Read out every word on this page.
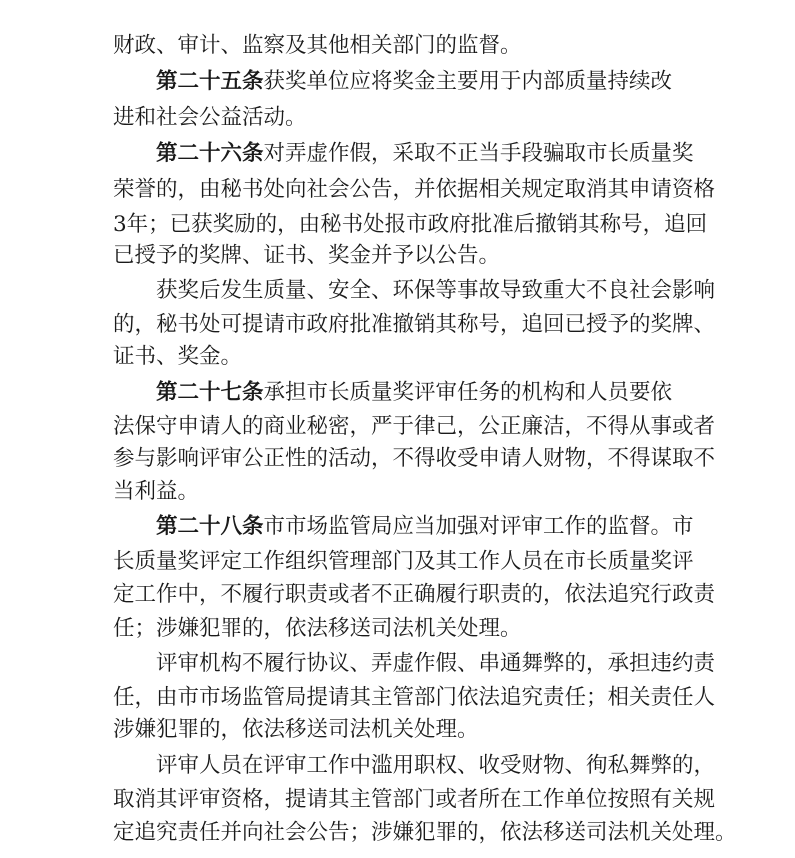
财政、审计、监察及其他相关部门的监督。
第二十五条获奖单位应将奖金主要用于内部质量持续改
进和社会公益活动。
第二十六条对弄虚作假，采取不正当手段骗取市长质量奖
荣誉的，由秘书处向社会公告，并依据相关规定取消其申请资格
3年；已获奖励的，由秘书处报市政府批准后撤销其称号，追回
已授予的奖牌、证书、奖金并予以公告。
获奖后发生质量、安全、环保等事故导致重大不良社会影响
的，秘书处可提请市政府批准撤销其称号，追回已授予的奖牌、
证书、奖金。
第二十七条承担市长质量奖评审任务的机构和人员要依
法保守申请人的商业秘密，严于律己，公正廉洁，不得从事或者
参与影响评审公正性的活动，不得收受申请人财物，不得谋取不
当利益。
第二十八条市市场监管局应当加强对评审工作的监督。市
长质量奖评定工作组织管理部门及其工作人员在市长质量奖评
定工作中，不履行职责或者不正确履行职责的，依法追究行政责
任；涉嫌犯罪的，依法移送司法机关处理。
评审机构不履行协议、弄虚作假、串通舞弊的，承担违约责
任，由市市场监管局提请其主管部门依法追究责任；相关责任人
涉嫌犯罪的，依法移送司法机关处理。
评审人员在评审工作中滥用职权、收受财物、徇私舞弊的，
取消其评审资格，提请其主管部门或者所在工作单位按照有关规
定追究责任并向社会公告；涉嫌犯罪的，依法移送司法机关处理。
